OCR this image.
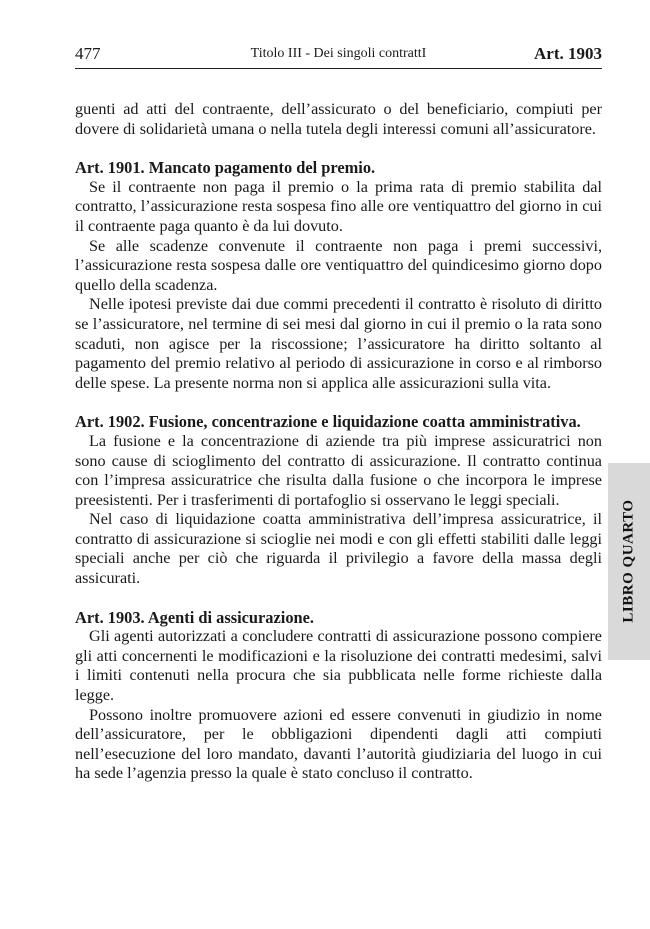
477	Titolo III - Dei singoli contrattI	Art. 1903

guenti ad atti del contraente, dell’assicurato o del beneficiario, compiuti per dovere di solidarietà umana o nella tutela degli interessi comuni all’assicuratore.

Art. 1901. Mancato pagamento del premio.

Se il contraente non paga il premio o la prima rata di premio stabilita dal contratto, l’assicurazione resta sospesa fino alle ore ventiquattro del giorno in cui il contraente paga quanto è da lui dovuto.

Se alle scadenze convenute il contraente non paga i premi successivi, l’assicurazione resta sospesa dalle ore ventiquattro del quindicesimo giorno dopo quello della scadenza.

Nelle ipotesi previste dai due commi precedenti il contratto è risoluto di diritto se l’assicuratore, nel termine di sei mesi dal giorno in cui il premio o la rata sono scaduti, non agisce per la riscossione; l’assicuratore ha diritto soltanto al pagamento del premio relativo al periodo di assicurazione in corso e al rimborso delle spese. La presente norma non si applica alle assicurazioni sulla vita.

Art. 1902. Fusione, concentrazione e liquidazione coatta amministrativa.

La fusione e la concentrazione di aziende tra più imprese assicuratrici non sono cause di scioglimento del contratto di assicurazione. Il contratto continua con l’impresa assicuratrice che risulta dalla fusione o che incorpora le imprese preesistenti. Per i trasferimenti di portafoglio si osservano le leggi speciali.

Nel caso di liquidazione coatta amministrativa dell’impresa assicuratrice, il contratto di assicurazione si scioglie nei modi e con gli effetti stabiliti dalle leggi speciali anche per ciò che riguarda il privilegio a favore della massa degli assicurati.

Art. 1903. Agenti di assicurazione.

Gli agenti autorizzati a concludere contratti di assicurazione possono compiere gli atti concernenti le modificazioni e la risoluzione dei contratti medesimi, salvi i limiti contenuti nella procura che sia pubblicata nelle forme richieste dalla legge.

Possono inoltre promuovere azioni ed essere convenuti in giudizio in nome dell’assicuratore, per le obbligazioni dipendenti dagli atti compiuti nell’esecuzione del loro mandato, davanti l’autorità giudiziaria del luogo in cui ha sede l’agenzia presso la quale è stato concluso il contratto.

LIBRO QUARTO
